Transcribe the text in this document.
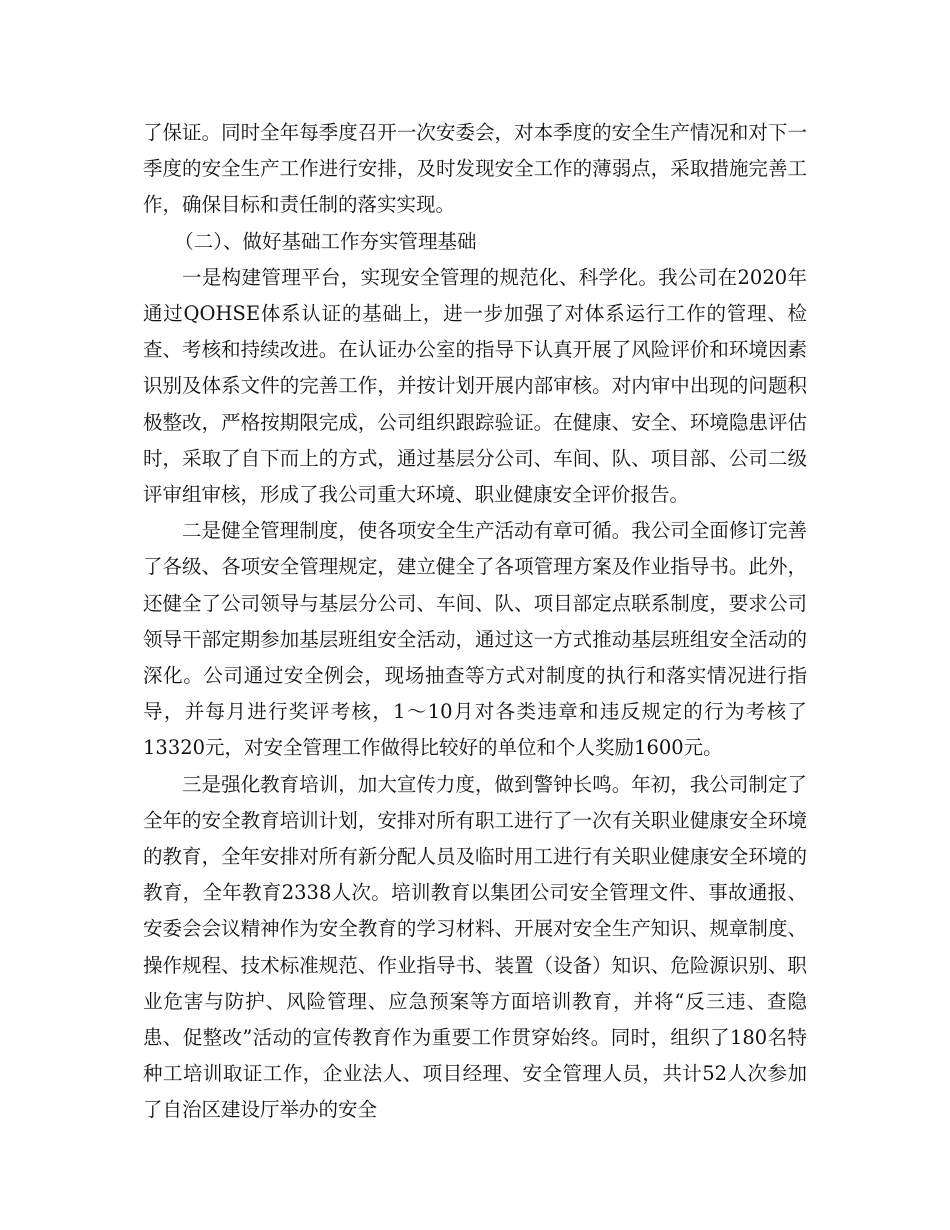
了保证。同时全年每季度召开一次安委会，对本季度的安全生产情况和对下一季度的安全生产工作进行安排，及时发现安全工作的薄弱点，采取措施完善工作，确保目标和责任制的落实实现。

（二）、做好基础工作夯实管理基础

一是构建管理平台，实现安全管理的规范化、科学化。我公司在2020年通过QOHSE体系认证的基础上，进一步加强了对体系运行工作的管理、检查、考核和持续改进。在认证办公室的指导下认真开展了风险评价和环境因素识别及体系文件的完善工作，并按计划开展内部审核。对内审中出现的问题积极整改，严格按期限完成，公司组织跟踪验证。在健康、安全、环境隐患评估时，采取了自下而上的方式，通过基层分公司、车间、队、项目部、公司二级评审组审核，形成了我公司重大环境、职业健康安全评价报告。

二是健全管理制度，使各项安全生产活动有章可循。我公司全面修订完善了各级、各项安全管理规定，建立健全了各项管理方案及作业指导书。此外，还健全了公司领导与基层分公司、车间、队、项目部定点联系制度，要求公司领导干部定期参加基层班组安全活动，通过这一方式推动基层班组安全活动的深化。公司通过安全例会，现场抽查等方式对制度的执行和落实情况进行指导，并每月进行奖评考核，1～10月对各类违章和违反规定的行为考核了13320元，对安全管理工作做得比较好的单位和个人奖励1600元。

三是强化教育培训，加大宣传力度，做到警钟长鸣。年初，我公司制定了全年的安全教育培训计划，安排对所有职工进行了一次有关职业健康安全环境的教育，全年安排对所有新分配人员及临时用工进行有关职业健康安全环境的教育，全年教育2338人次。培训教育以集团公司安全管理文件、事故通报、安委会会议精神作为安全教育的学习材料、开展对安全生产知识、规章制度、操作规程、技术标准规范、作业指导书、装置（设备）知识、危险源识别、职业危害与防护、风险管理、应急预案等方面培训教育，并将“反三违、查隐患、促整改”活动的宣传教育作为重要工作贯穿始终。同时，组织了180名特种工培训取证工作，企业法人、项目经理、安全管理人员，共计52人次参加了自治区建设厅举办的安全
